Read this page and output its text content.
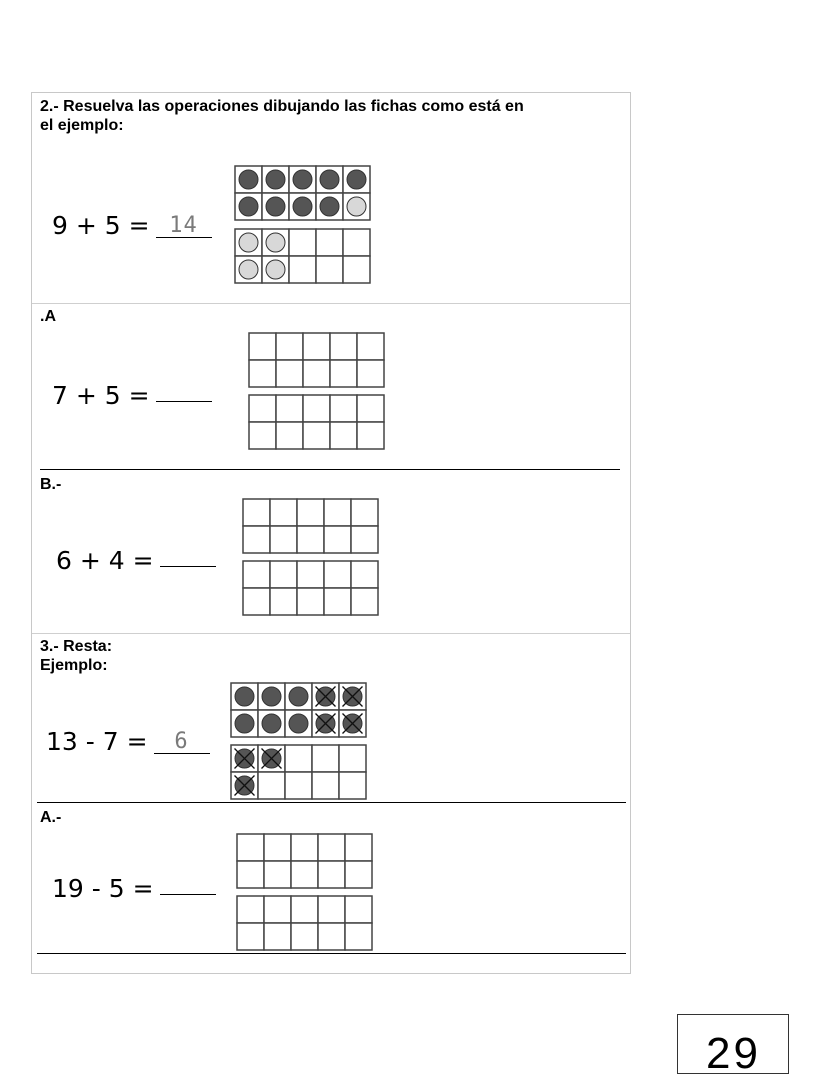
2.- Resuelva las operaciones dibujando las fichas como está en
el ejemplo:
9 + 5 = 14
.A
7 + 5 =
B.-
6 + 4 =
3.- Resta:
Ejemplo:
13 - 7 = 6
A.-
19 - 5 =
29
